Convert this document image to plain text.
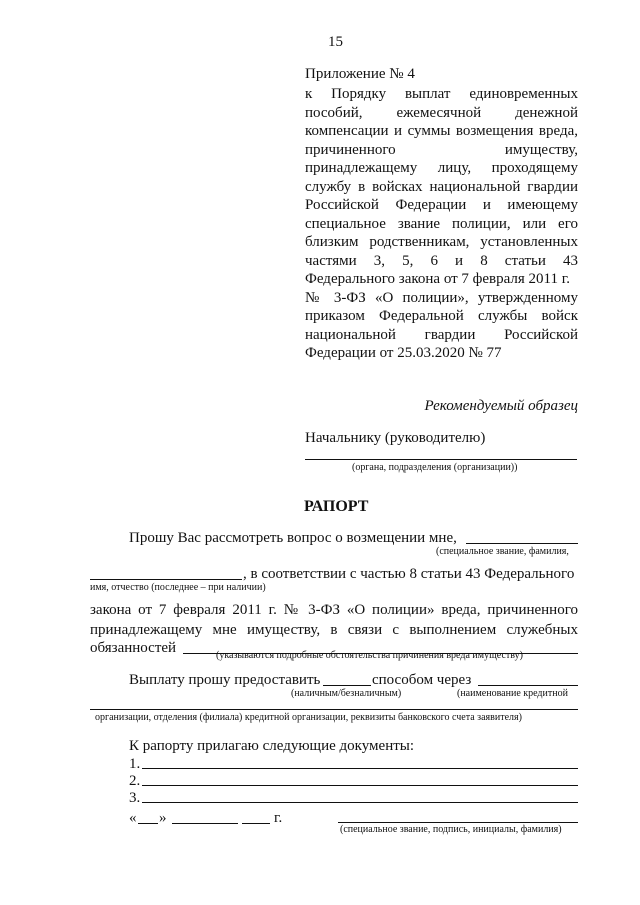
15
Приложение № 4
к Порядку выплат единовременных
пособий, ежемесячной денежной
компенсации и суммы возмещения вреда,
причиненного имуществу,
принадлежащему лицу, проходящему
службу в войсках национальной гвардии
Российской Федерации и имеющему
специальное звание полиции, или его
близким родственникам, установленных
частями 3, 5, 6 и 8 статьи 43
Федерального закона от 7 февраля 2011 г.
№ 3-ФЗ «О полиции», утвержденному
приказом Федеральной службы войск
национальной гвардии Российской
Федерации от 25.03.2020 № 77
Рекомендуемый образец
Начальнику (руководителю)
(органа, подразделения (организации))
РАПОРТ
Прошу Вас рассмотреть вопрос о возмещении мне,
(специальное звание, фамилия,
, в соответствии с частью 8 статьи 43 Федерального
имя, отчество (последнее – при наличии)
закона от 7 февраля 2011 г. № 3-ФЗ «О полиции» вреда, причиненного
принадлежащему мне имуществу, в связи с выполнением служебных
обязанностей	(указываются подробные обстоятельства причинения вреда имуществу)
Выплату прошу предоставить	способом через
(наличным/безналичным)	(наименование кредитной
организации, отделения (филиала) кредитной организации, реквизиты банковского счета заявителя)
К рапорту прилагаю следующие документы:
1.
2.
3.
« »	г.
(специальное звание, подпись, инициалы, фамилия)
